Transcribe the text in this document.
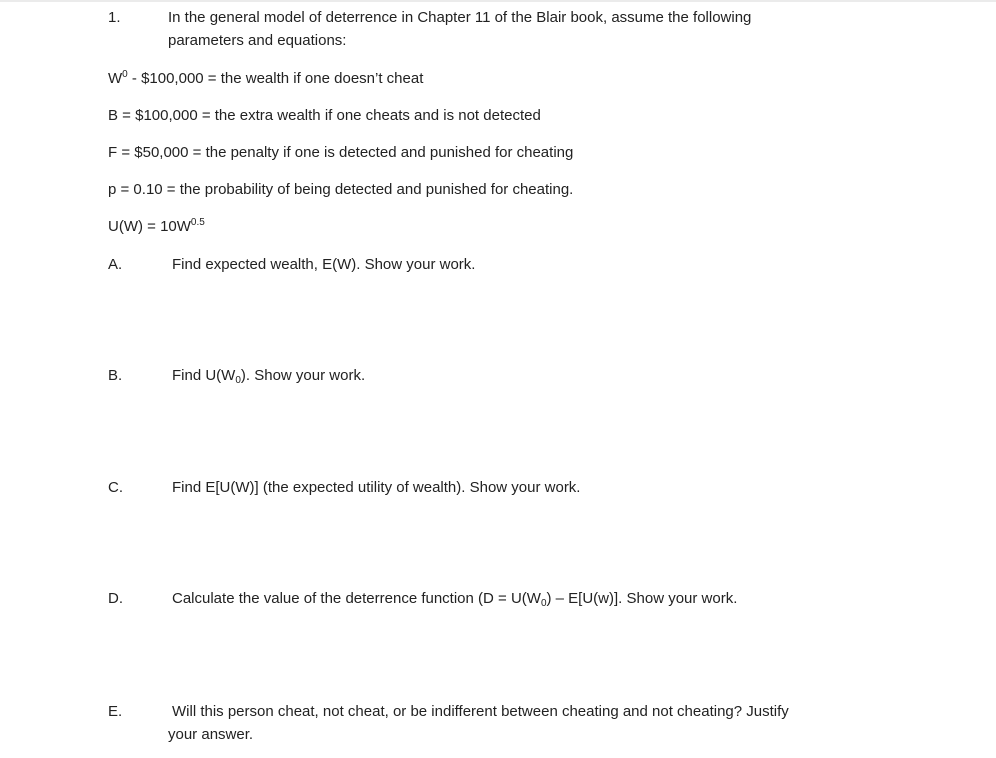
1.	In the general model of deterrence in Chapter 11 of the Blair book, assume the following
parameters and equations:
$W^0$ - $100,000 = the wealth if one doesn’t cheat
B = $100,000 = the extra wealth if one cheats and is not detected
F = $50,000 = the penalty if one is detected and punished for cheating
p = 0.10 = the probability of being detected and punished for cheating.
$U(W) = 10W^{0.5}$
A.	Find expected wealth, E(W). Show your work.
B.	Find $U(W_0)$. Show your work.
C.	Find E[U(W)] (the expected utility of wealth). Show your work.
D.	Calculate the value of the deterrence function ($D = U(W_0) - E[U(w)]$. Show your work.
E.	Will this person cheat, not cheat, or be indifferent between cheating and not cheating? Justify
your answer.
